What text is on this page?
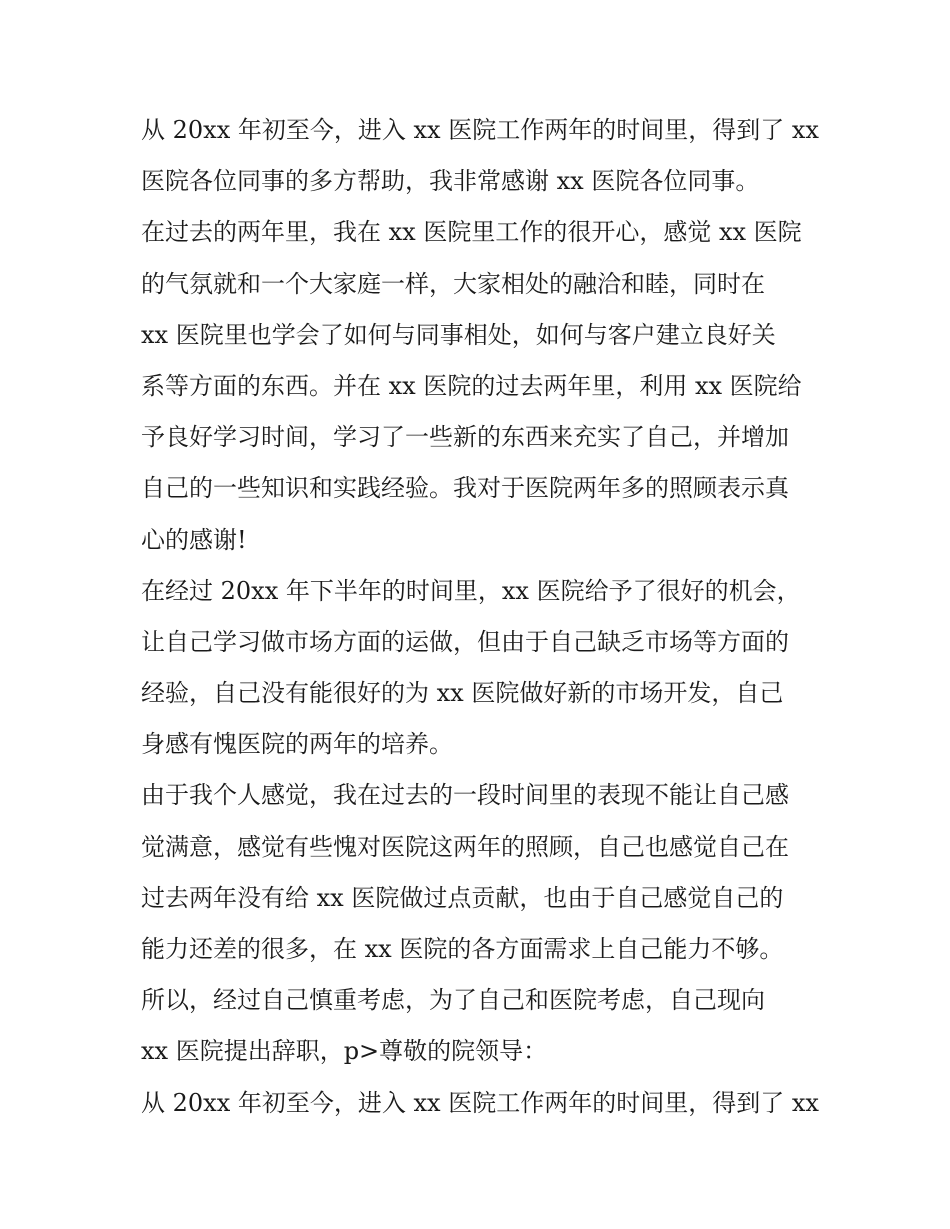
从 20xx 年初至今，进入 xx 医院工作两年的时间里，得到了 xx
医院各位同事的多方帮助，我非常感谢 xx 医院各位同事。
在过去的两年里，我在 xx 医院里工作的很开心，感觉 xx 医院
的气氛就和一个大家庭一样，大家相处的融洽和睦，同时在
xx 医院里也学会了如何与同事相处，如何与客户建立良好关
系等方面的东西。并在 xx 医院的过去两年里，利用 xx 医院给
予良好学习时间，学习了一些新的东西来充实了自己，并增加
自己的一些知识和实践经验。我对于医院两年多的照顾表示真
心的感谢!
在经过 20xx 年下半年的时间里，xx 医院给予了很好的机会，
让自己学习做市场方面的运做，但由于自己缺乏市场等方面的
经验，自己没有能很好的为 xx 医院做好新的市场开发，自己
身感有愧医院的两年的培养。
由于我个人感觉，我在过去的一段时间里的表现不能让自己感
觉满意，感觉有些愧对医院这两年的照顾，自己也感觉自己在
过去两年没有给 xx 医院做过点贡献，也由于自己感觉自己的
能力还差的很多，在 xx 医院的各方面需求上自己能力不够。
所以，经过自己慎重考虑，为了自己和医院考虑，自己现向
xx 医院提出辞职，p>尊敬的院领导：
从 20xx 年初至今，进入 xx 医院工作两年的时间里，得到了 xx
